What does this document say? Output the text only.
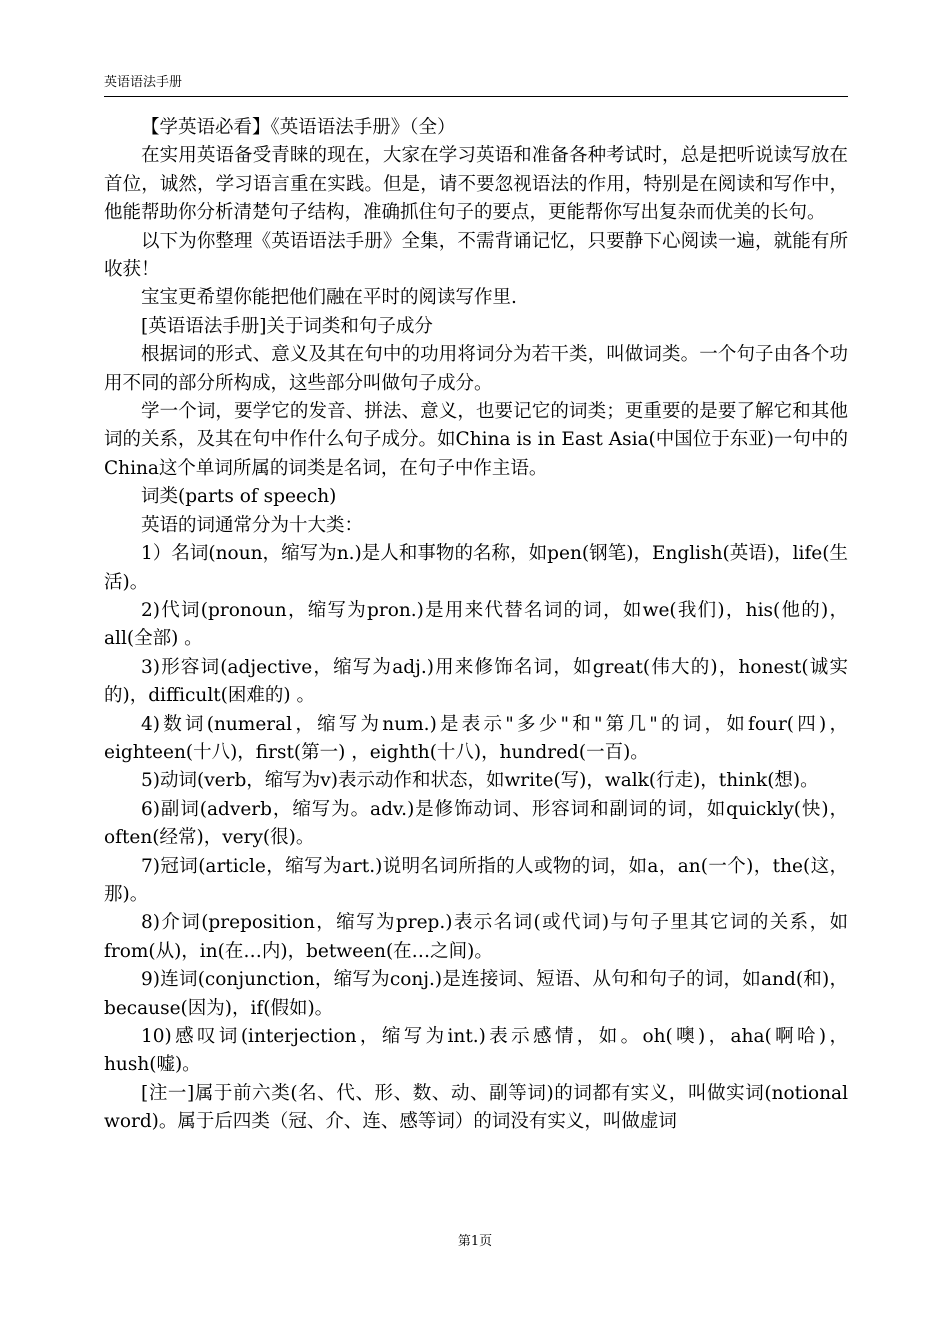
英语语法手册

【学英语必看】《英语语法手册》（全）

在实用英语备受青睐的现在，大家在学习英语和准备各种考试时，总是把听说读写放在首位，诚然，学习语言重在实践。但是，请不要忽视语法的作用，特别是在阅读和写作中，他能帮助你分析清楚句子结构，准确抓住句子的要点，更能帮你写出复杂而优美的长句。

以下为你整理《英语语法手册》全集，不需背诵记忆，只要静下心阅读一遍，就能有所收获！

宝宝更希望你能把他们融在平时的阅读写作里.

[英语语法手册]关于词类和句子成分

根据词的形式、意义及其在句中的功用将词分为若干类，叫做词类。一个句子由各个功用不同的部分所构成，这些部分叫做句子成分。

学一个词，要学它的发音、拼法、意义，也要记它的词类；更重要的是要了解它和其他词的关系，及其在句中作什么句子成分。如China is in East Asia(中国位于东亚)一句中的China这个单词所属的词类是名词，在句子中作主语。

词类(parts of speech)

英语的词通常分为十大类：

1）名词(noun，缩写为n.)是人和事物的名称，如pen(钢笔)，English(英语)，life(生活)。

2)代词(pronoun，缩写为pron.)是用来代替名词的词，如we(我们)，his(他的)，all(全部) 。

3)形容词(adjective，缩写为adj.)用来修饰名词，如great(伟大的)，honest(诚实的)，difficult(困难的) 。

4)数词(numeral，缩写为num.)是表示"多少"和"第几"的词，如four(四)，eighteen(十八)，first(第一) ，eighth(十八)，hundred(一百)。

5)动词(verb，缩写为v)表示动作和状态，如write(写)，walk(行走)，think(想)。

6)副词(adverb，缩写为。adv.)是修饰动词、形容词和副词的词，如quickly(快)，often(经常)，very(很)。

7)冠词(article，缩写为art.)说明名词所指的人或物的词，如a，an(一个)，the(这，那)。

8)介词(preposition，缩写为prep.)表示名词(或代词)与句子里其它词的关系，如from(从)，in(在…内)，between(在…之间)。

9)连词(conjunction，缩写为conj.)是连接词、短语、从句和句子的词，如and(和)，because(因为)，if(假如)。

10)感叹词(interjection，缩写为int.)表示感情，如。oh(噢)，aha(啊哈)，hush(嘘)。

[注一]属于前六类(名、代、形、数、动、副等词)的词都有实义，叫做实词(notional word)。属于后四类（冠、介、连、感等词）的词没有实义，叫做虚词

第1页
